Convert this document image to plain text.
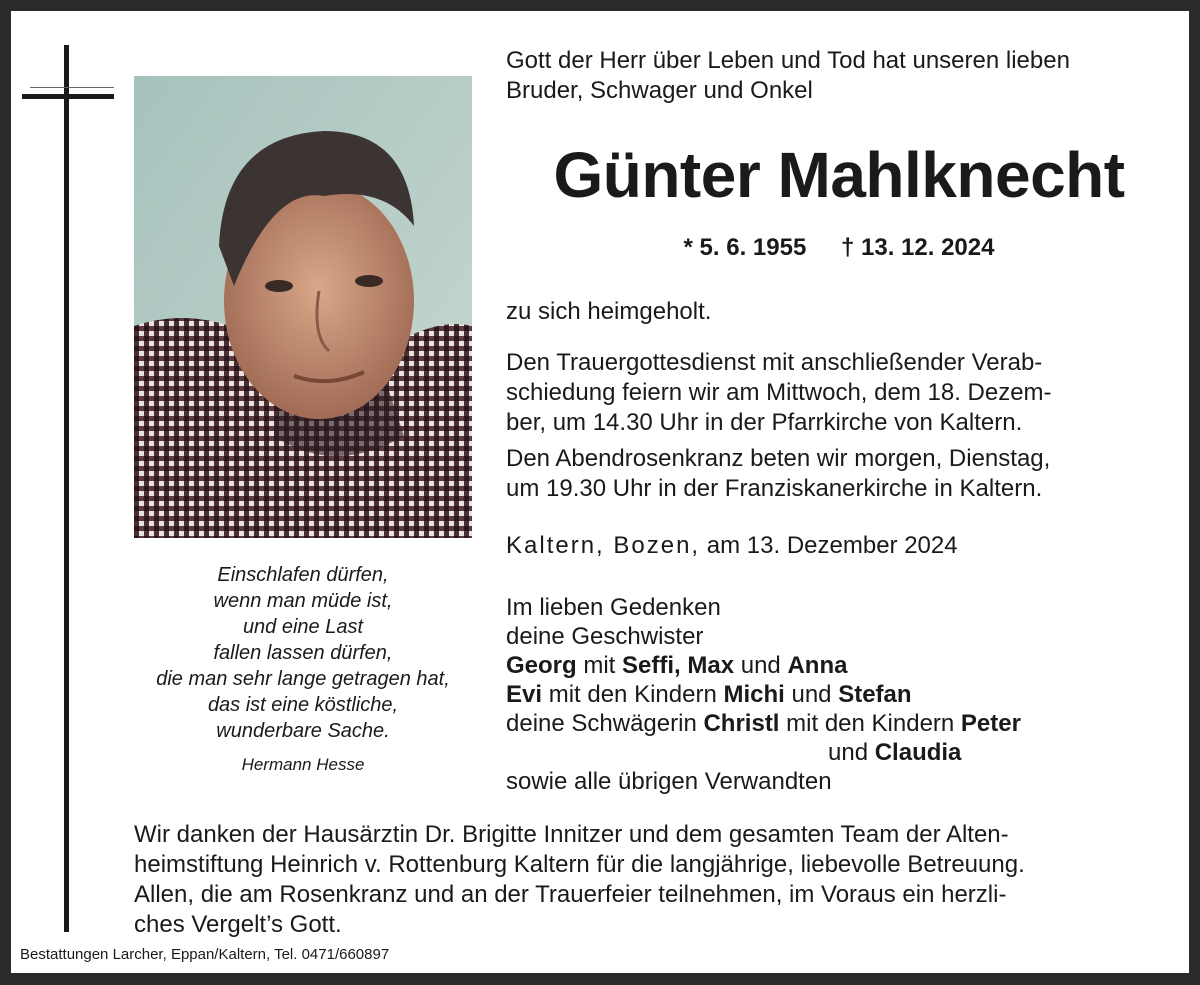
Einschlafen dürfen,
wenn man müde ist,
und eine Last
fallen lassen dürfen,
die man sehr lange getragen hat,
das ist eine köstliche,
wunderbare Sache.
Hermann Hesse
Gott der Herr über Leben und Tod hat unseren lieben
Bruder, Schwager und Onkel
Günter Mahlknecht
* 5. 6. 1955 † 13. 12. 2024
zu sich heimgeholt.
Den Trauergottesdienst mit anschließender Verab-
schiedung feiern wir am Mittwoch, dem 18. Dezem-
ber, um 14.30 Uhr in der Pfarrkirche von Kaltern.
Den Abendrosenkranz beten wir morgen, Dienstag,
um 19.30 Uhr in der Franziskanerkirche in Kaltern.
Kaltern, Bozen, am 13. Dezember 2024
Im lieben Gedenken
deine Geschwister
Georg mit Seffi, Max und Anna
Evi mit den Kindern Michi und Stefan
deine Schwägerin Christl mit den Kindern Peter
und Claudia
sowie alle übrigen Verwandten
Wir danken der Hausärztin Dr. Brigitte Innitzer und dem gesamten Team der Alten-
heimstiftung Heinrich v. Rottenburg Kaltern für die langjährige, liebevolle Betreuung.
Allen, die am Rosenkranz und an der Trauerfeier teilnehmen, im Voraus ein herzli-
ches Vergelt’s Gott.
Bestattungen Larcher, Eppan/Kaltern, Tel. 0471/660897
